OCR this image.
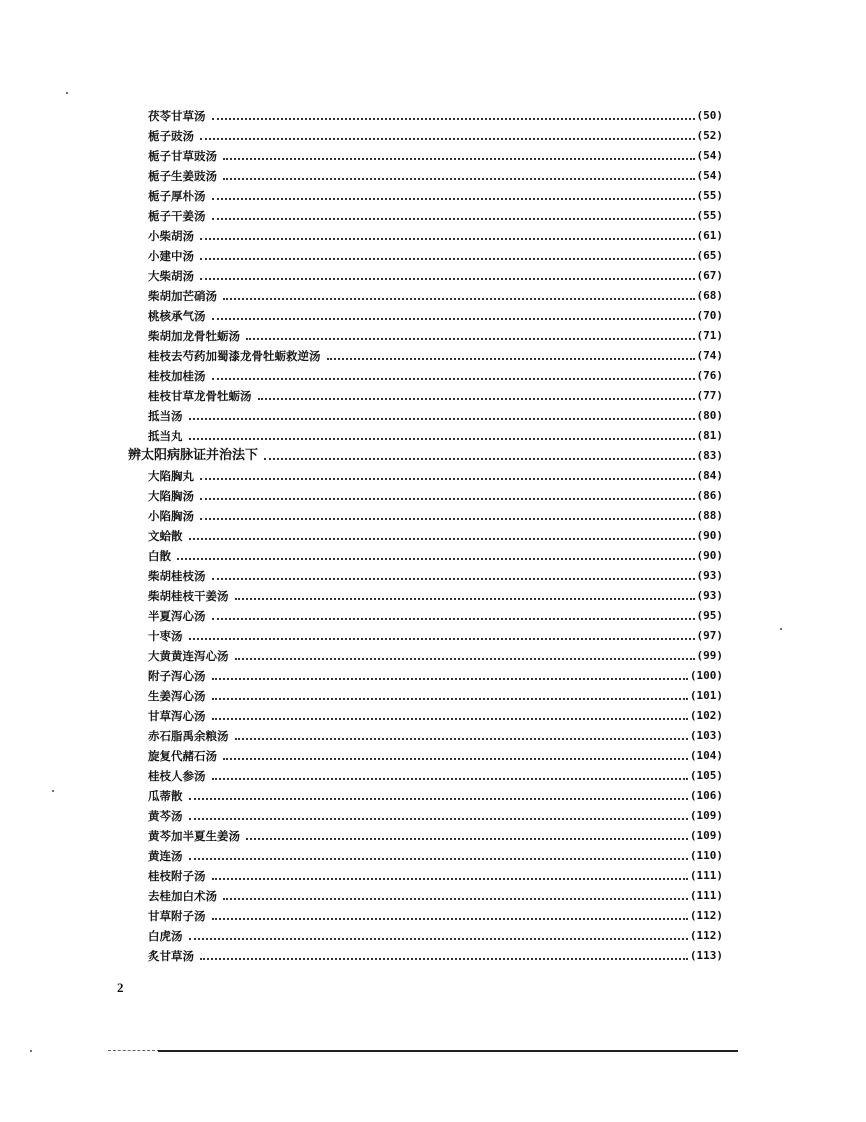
茯苓甘草汤	(50)
栀子豉汤	(52)
栀子甘草豉汤	(54)
栀子生姜豉汤	(54)
栀子厚朴汤	(55)
栀子干姜汤	(55)
小柴胡汤	(61)
小建中汤	(65)
大柴胡汤	(67)
柴胡加芒硝汤	(68)
桃核承气汤	(70)
柴胡加龙骨牡蛎汤	(71)
桂枝去芍药加蜀漆龙骨牡蛎救逆汤	(74)
桂枝加桂汤	(76)
桂枝甘草龙骨牡蛎汤	(77)
抵当汤	(80)
抵当丸	(81)
辨太阳病脉证并治法下	(83)
大陷胸丸	(84)
大陷胸汤	(86)
小陷胸汤	(88)
文蛤散	(90)
白散	(90)
柴胡桂枝汤	(93)
柴胡桂枝干姜汤	(93)
半夏泻心汤	(95)
十枣汤	(97)
大黄黄连泻心汤	(99)
附子泻心汤	(100)
生姜泻心汤	(101)
甘草泻心汤	(102)
赤石脂禹余粮汤	(103)
旋复代赭石汤	(104)
桂枝人参汤	(105)
瓜蒂散	(106)
黄芩汤	(109)
黄芩加半夏生姜汤	(109)
黄连汤	(110)
桂枝附子汤	(111)
去桂加白术汤	(111)
甘草附子汤	(112)
白虎汤	(112)
炙甘草汤	(113)
2
